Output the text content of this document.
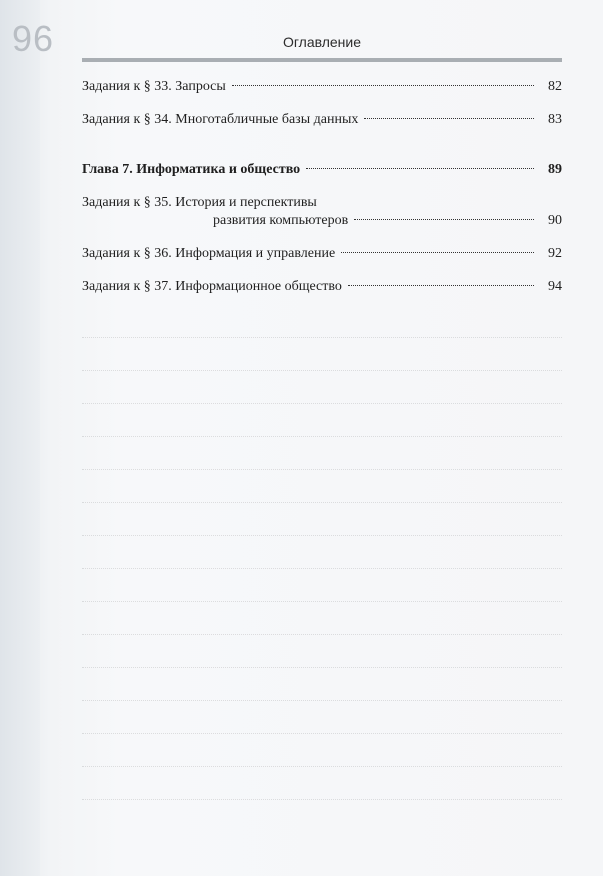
96	Оглавление
Задания к § 33. Запросы	82
Задания к § 34. Многотабличные базы данных	83
Глава 7. Информатика и общество	89
Задания к § 35. История и перспективы
развития компьютеров	90
Задания к § 36. Информация и управление	92
Задания к § 37. Информационное общество	94
